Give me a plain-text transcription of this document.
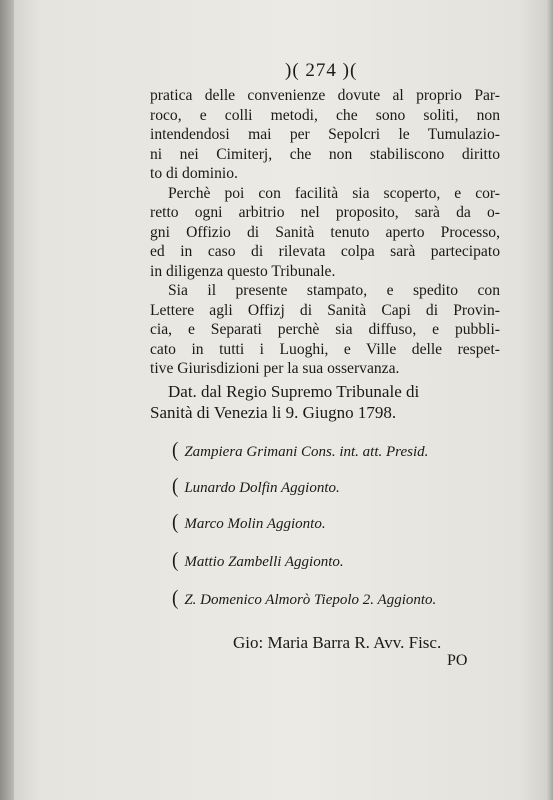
)( 274 )(

pratica delle convenienze dovute al proprio Par-
roco, e colli metodi, che sono soliti, non
intendendosi mai per Sepolcri le Tumulazio-
ni nei Cimiterj, che non stabiliscono diritto
to di dominio.

Perchè poi con facilità sia scoperto, e cor-
retto ogni arbitrio nel proposito, sarà da o-
gni Offizio di Sanità tenuto aperto Processo,
ed in caso di rilevata colpa sarà partecipato
in diligenza questo Tribunale.

Sia il presente stampato, e spedito con
Lettere agli Offizj di Sanità Capi di Provin-
cia, e Separati perchè sia diffuso, e pubbli-
cato in tutti i Luoghi, e Ville delle respet-
tive Giurisdizioni per la sua osservanza.

Dat. dal Regio Supremo Tribunale di
Sanità di Venezia li 9. Giugno 1798.
( Zampiera Grimani Cons. int. att. Presid.
( Lunardo Dolfin Aggionto.
( Marco Molin Aggionto.
( Mattio Zambelli Aggionto.
( Z. Domenico Almorò Tiepolo 2. Aggionto.
Gio: Maria Barra R. Avv. Fisc.
PO
